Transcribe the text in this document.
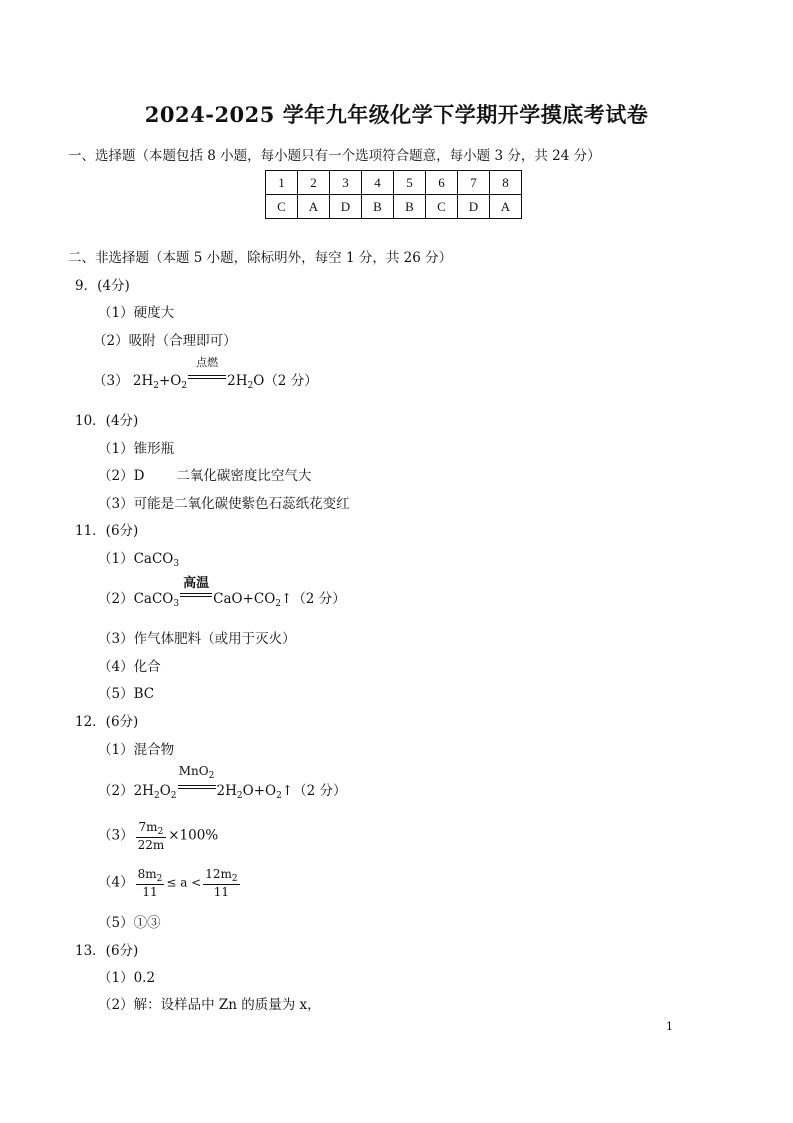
2024-2025 学年九年级化学下学期开学摸底考试卷
一、选择题（本题包括 8 小题，每小题只有一个选项符合题意，每小题 3 分，共 24 分）
1	2	3	4	5	6	7	8
C	A	D	B	B	C	D	A
二、非选择题（本题 5 小题，除标明外，每空 1 分，共 26 分）
9．(4分)
（1）硬度大
（2）吸附（合理即可）
（3） $2H_2+O_2$
点燃
$2H_2O(2$ 分）
10．(4分)
（1）锥形瓶
（2）D 二氧化碳密度比空气大
（3）可能是二氧化碳使紫色石蕊纸花变红
11．(6分)
（1）CaCO$_3$
（2）CaCO$_3$
高温
$CaO+CO_2↑(2$ 分）
（3）作气体肥料（或用于灭火）
（4）化合
（5）BC
12．(6分)
（1）混合物
$(2)2H_2O_2$
MnO$_2$
$2H_2O+O_2↑(2$ 分）
$(3) \frac{7m_2}{22m} \times 100\%$
$(4) \frac{8m_2}{11} \le a < \frac{12m_2}{11}$
（5）①③
13．(6分)
（1）0.2
（2）解：设样品中 Zn 的质量为 x，
1
